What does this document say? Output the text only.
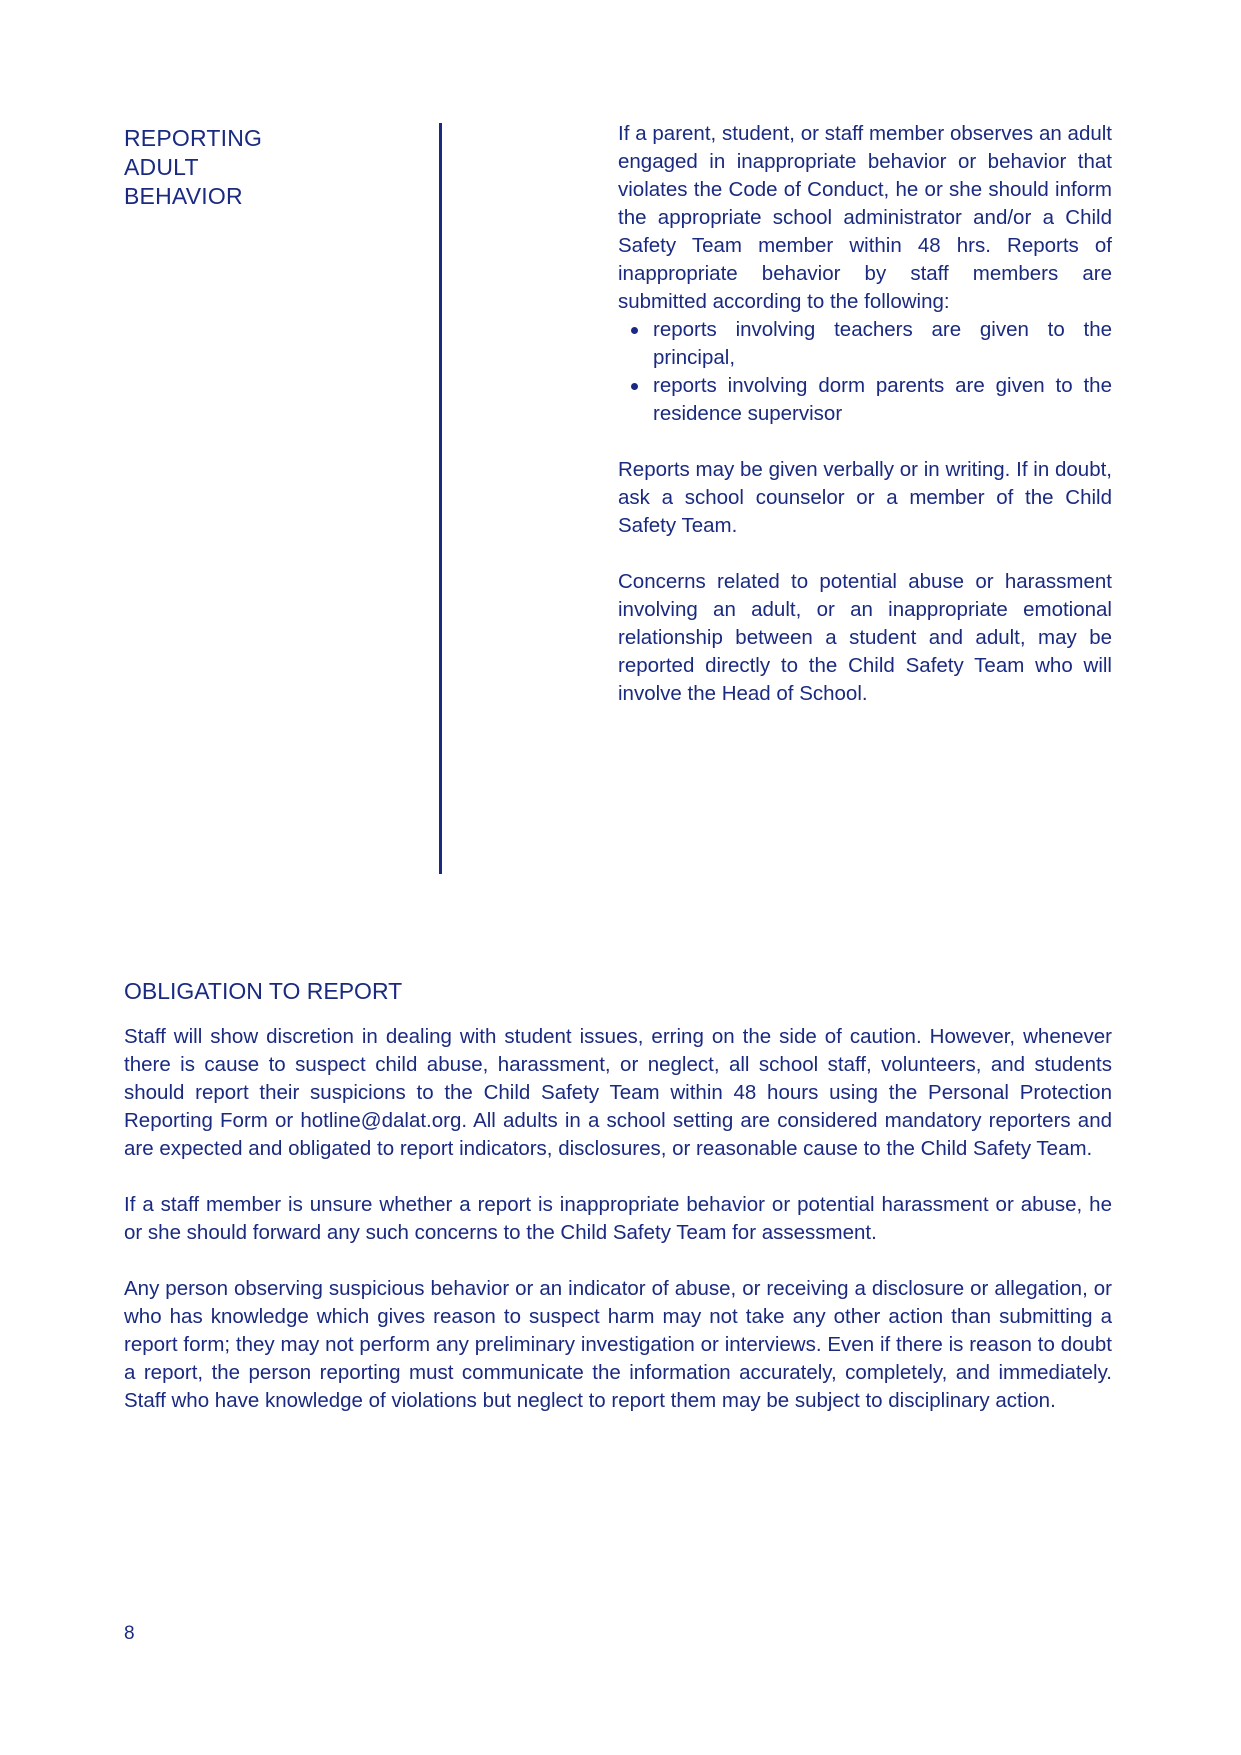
REPORTING
ADULT
BEHAVIOR

If a parent, student, or staff member observes an adult engaged in inappropriate behavior or behavior that violates the Code of Conduct, he or she should inform the appropriate school administrator and/or a Child Safety Team member within 48 hrs. Reports of inappropriate behavior by staff members are submitted according to the following:

reports involving teachers are given to the principal,
reports involving dorm parents are given to the residence supervisor

Reports may be given verbally or in writing. If in doubt, ask a school counselor or a member of the Child Safety Team.

Concerns related to potential abuse or harassment involving an adult, or an inappropriate emotional relationship between a student and adult, may be reported directly to the Child Safety Team who will involve the Head of School.

OBLIGATION TO REPORT

Staff will show discretion in dealing with student issues, erring on the side of caution. However, whenever there is cause to suspect child abuse, harassment, or neglect, all school staff, volunteers, and students should report their suspicions to the Child Safety Team within 48 hours using the Personal Protection Reporting Form or hotline@dalat.org. All adults in a school setting are considered mandatory reporters and are expected and obligated to report indicators, disclosures, or reasonable cause to the Child Safety Team.

If a staff member is unsure whether a report is inappropriate behavior or potential harassment or abuse, he or she should forward any such concerns to the Child Safety Team for assessment.

Any person observing suspicious behavior or an indicator of abuse, or receiving a disclosure or allegation, or who has knowledge which gives reason to suspect harm may not take any other action than submitting a report form; they may not perform any preliminary investigation or interviews. Even if there is reason to doubt a report, the person reporting must communicate the information accurately, completely, and immediately. Staff who have knowledge of violations but neglect to report them may be subject to disciplinary action.

8
